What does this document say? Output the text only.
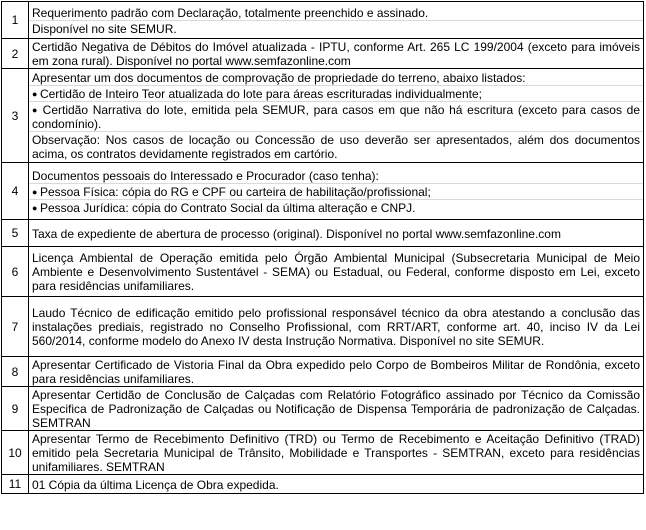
1	Requerimento padrão com Declaração, totalmente preenchido e assinado.
Disponível no site SEMUR.

2	Certidão Negativa de Débitos do Imóvel atualizada - IPTU, conforme Art. 265 LC 199/2004 (exceto para imóveis em zona rural). Disponível no portal www.semfazonline.com

3	Apresentar um dos documentos de comprovação de propriedade do terreno, abaixo listados:
● Certidão de Inteiro Teor atualizada do lote para áreas escrituradas individualmente;
● Certidão Narrativa do lote, emitida pela SEMUR, para casos em que não há escritura (exceto para casos de condomínio).
Observação: Nos casos de locação ou Concessão de uso deverão ser apresentados, além dos documentos acima, os contratos devidamente registrados em cartório.

4	Documentos pessoais do Interessado e Procurador (caso tenha):
● Pessoa Física: cópia do RG e CPF ou carteira de habilitação/profissional;
● Pessoa Jurídica: cópia do Contrato Social da última alteração e CNPJ.

5	Taxa de expediente de abertura de processo (original). Disponível no portal www.semfazonline.com

6	Licença Ambiental de Operação emitida pelo Órgão Ambiental Municipal (Subsecretaria Municipal de Meio Ambiente e Desenvolvimento Sustentável - SEMA) ou Estadual, ou Federal, conforme disposto em Lei, exceto para residências unifamiliares.

7	Laudo Técnico de edificação emitido pelo profissional responsável técnico da obra atestando a conclusão das instalações prediais, registrado no Conselho Profissional, com RRT/ART, conforme art. 40, inciso IV da Lei 560/2014, conforme modelo do Anexo IV desta Instrução Normativa. Disponível no site SEMUR.

8	Apresentar Certificado de Vistoria Final da Obra expedido pelo Corpo de Bombeiros Militar de Rondônia, exceto para residências unifamiliares.

9	Apresentar Certidão de Conclusão de Calçadas com Relatório Fotográfico assinado por Técnico da Comissão Especifica de Padronização de Calçadas ou Notificação de Dispensa Temporária de padronização de Calçadas. SEMTRAN

10	Apresentar Termo de Recebimento Definitivo (TRD) ou Termo de Recebimento e Aceitação Definitivo (TRAD) emitido pela Secretaria Municipal de Trânsito, Mobilidade e Transportes - SEMTRAN, exceto para residências unifamiliares. SEMTRAN

11	01 Cópia da última Licença de Obra expedida.
